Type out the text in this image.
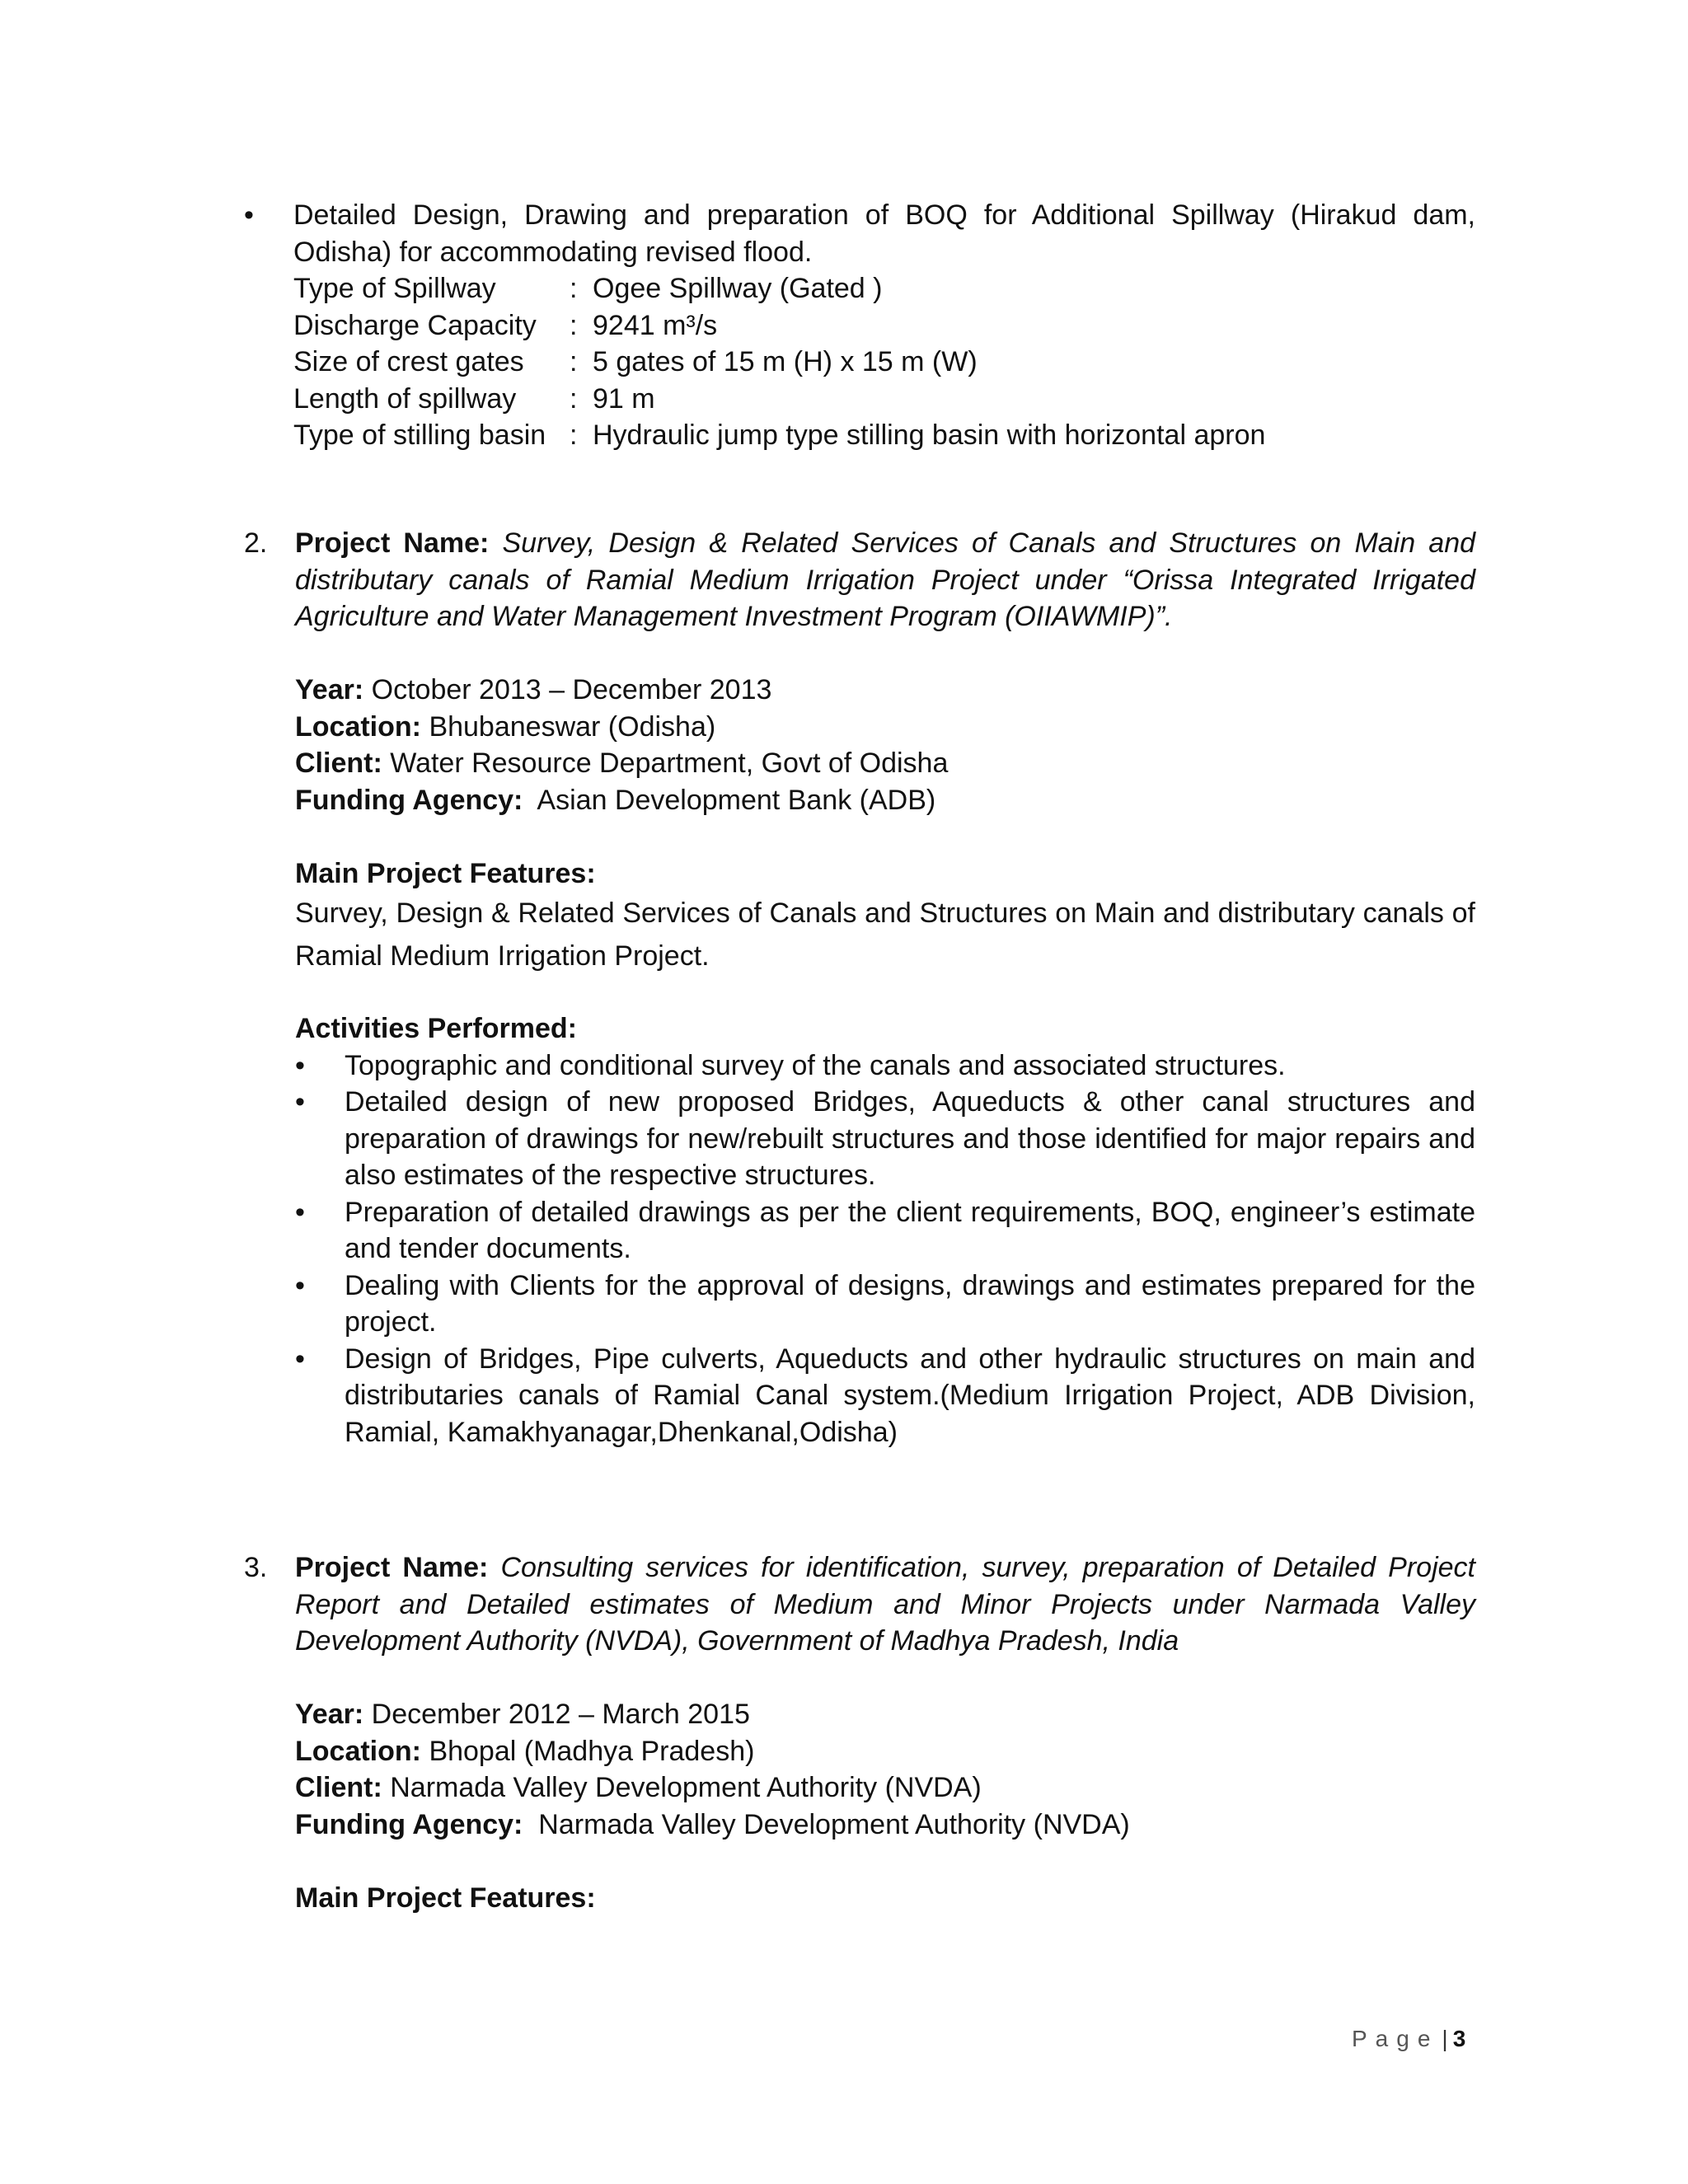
• Detailed Design, Drawing and preparation of BOQ for Additional Spillway (Hirakud dam, Odisha) for accommodating revised flood.
Type of Spillway	: Ogee Spillway (Gated )
Discharge Capacity	: 9241 m³/s
Size of crest gates	: 5 gates of 15 m (H) x 15 m (W)
Length of spillway	: 91 m
Type of stilling basin : Hydraulic jump type stilling basin with horizontal apron
2. Project Name: Survey, Design & Related Services of Canals and Structures on Main and distributary canals of Ramial Medium Irrigation Project under “Orissa Integrated Irrigated Agriculture and Water Management Investment Program (OIIAWMIP)”.

Year: October 2013 – December 2013
Location: Bhubaneswar (Odisha)
Client: Water Resource Department, Govt of Odisha
Funding Agency: Asian Development Bank (ADB)
Main Project Features:

Survey, Design & Related Services of Canals and Structures on Main and distributary canals of Ramial Medium Irrigation Project.

Activities Performed:
• Topographic and conditional survey of the canals and associated structures.
• Detailed design of new proposed Bridges, Aqueducts & other canal structures and preparation of drawings for new/rebuilt structures and those identified for major repairs and also estimates of the respective structures.
• Preparation of detailed drawings as per the client requirements, BOQ, engineer’s estimate and tender documents.
• Dealing with Clients for the approval of designs, drawings and estimates prepared for the project.
• Design of Bridges, Pipe culverts, Aqueducts and other hydraulic structures on main and distributaries canals of Ramial Canal system.(Medium Irrigation Project, ADB Division, Ramial, Kamakhyanagar,Dhenkanal,Odisha)
3. Project Name: Consulting services for identification, survey, preparation of Detailed Project Report and Detailed estimates of Medium and Minor Projects under Narmada Valley Development Authority (NVDA), Government of Madhya Pradesh, India

Year: December 2012 – March 2015
Location: Bhopal (Madhya Pradesh)
Client: Narmada Valley Development Authority (NVDA)
Funding Agency: Narmada Valley Development Authority (NVDA)
Main Project Features:
Page | 3
